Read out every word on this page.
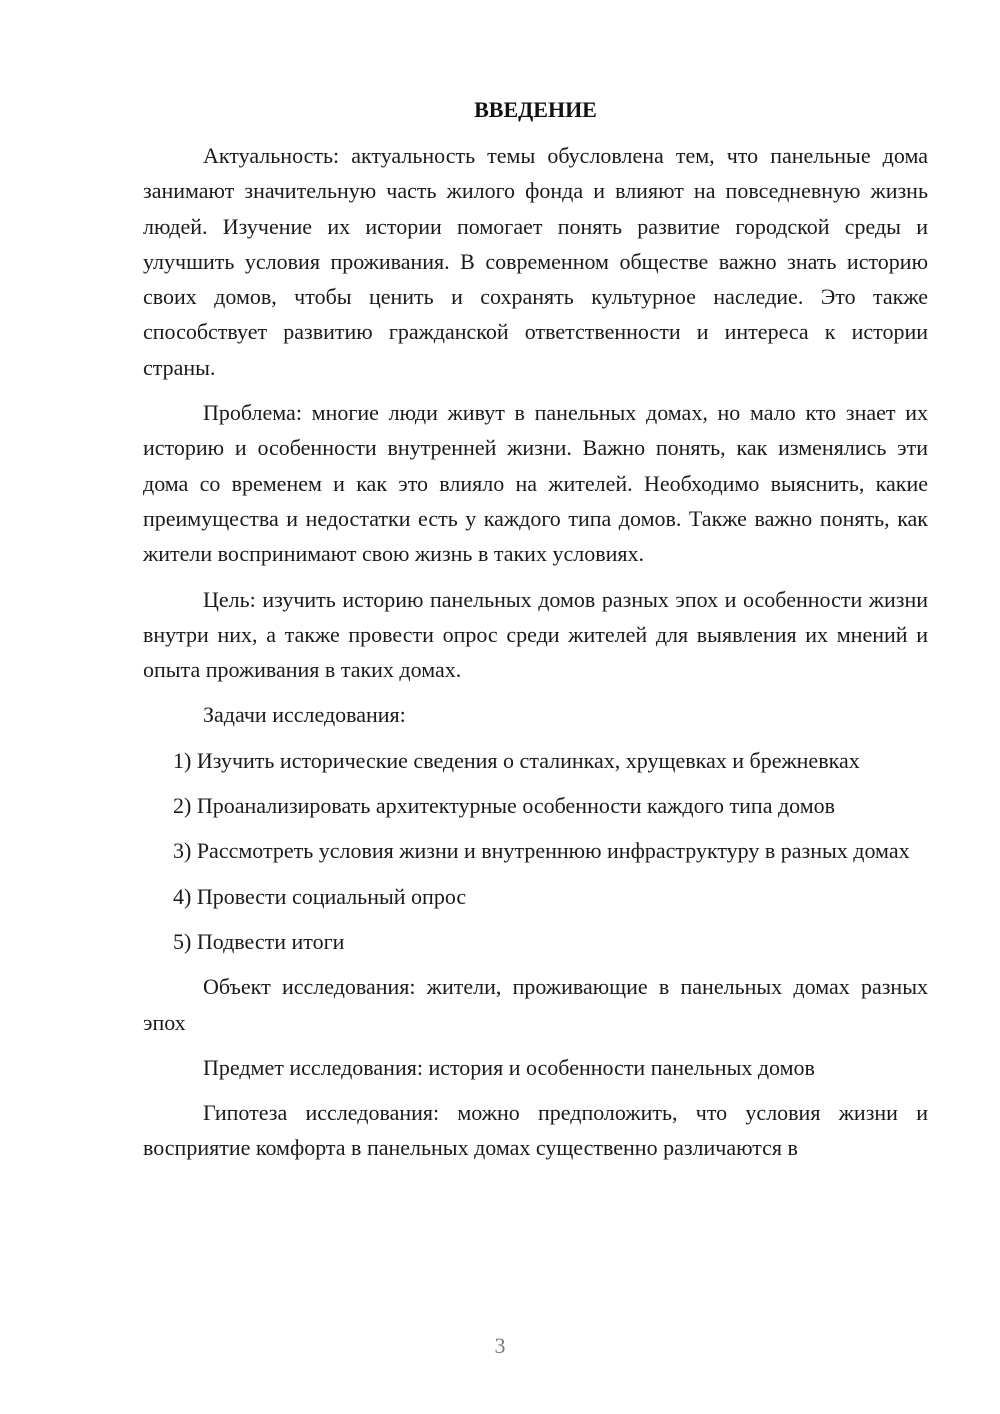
ВВЕДЕНИЕ

Актуальность: актуальность темы обусловлена тем, что панельные дома занимают значительную часть жилого фонда и влияют на повседневную жизнь людей. Изучение их истории помогает понять развитие городской среды и улучшить условия проживания. В современном обществе важно знать историю своих домов, чтобы ценить и сохранять культурное наследие. Это также способствует развитию гражданской ответственности и интереса к истории страны.

Проблема: многие люди живут в панельных домах, но мало кто знает их историю и особенности внутренней жизни. Важно понять, как изменялись эти дома со временем и как это влияло на жителей. Необходимо выяснить, какие преимущества и недостатки есть у каждого типа домов. Также важно понять, как жители воспринимают свою жизнь в таких условиях.

Цель: изучить историю панельных домов разных эпох и особенности жизни внутри них, а также провести опрос среди жителей для выявления их мнений и опыта проживания в таких домах.

Задачи исследования:

1) Изучить исторические сведения о сталинках, хрущевках и брежневках

2) Проанализировать архитектурные особенности каждого типа домов

3) Рассмотреть условия жизни и внутреннюю инфраструктуру в разных домах

4) Провести социальный опрос

5) Подвести итоги

Объект исследования: жители, проживающие в панельных домах разных эпох

Предмет исследования: история и особенности панельных домов

Гипотеза исследования: можно предположить, что условия жизни и восприятие комфорта в панельных домах существенно различаются в

3
